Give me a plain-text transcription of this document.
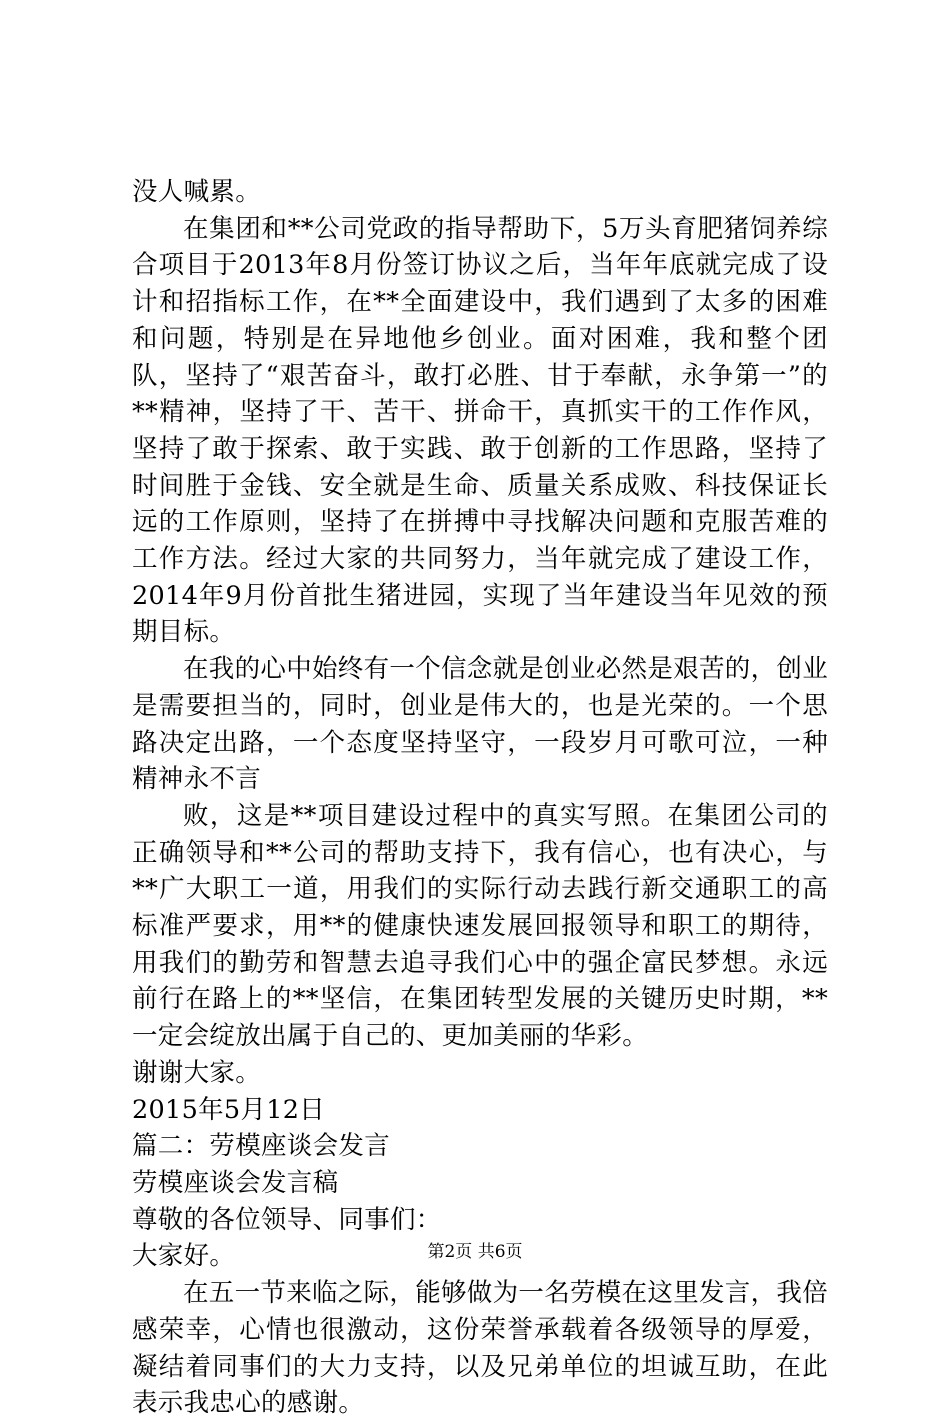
没人喊累。

在集团和**公司党政的指导帮助下，5万头育肥猪饲养综合项目于2013年8月份签订协议之后，当年年底就完成了设计和招指标工作，在**全面建设中，我们遇到了太多的困难和问题，特别是在异地他乡创业。面对困难，我和整个团队，坚持了“艰苦奋斗，敢打必胜、甘于奉献，永争第一”的**精神，坚持了干、苦干、拼命干，真抓实干的工作作风，坚持了敢于探索、敢于实践、敢于创新的工作思路，坚持了时间胜于金钱、安全就是生命、质量关系成败、科技保证长远的工作原则，坚持了在拼搏中寻找解决问题和克服苦难的工作方法。经过大家的共同努力，当年就完成了建设工作，2014年9月份首批生猪进园，实现了当年建设当年见效的预期目标。

在我的心中始终有一个信念就是创业必然是艰苦的，创业是需要担当的，同时，创业是伟大的，也是光荣的。一个思路决定出路，一个态度坚持坚守，一段岁月可歌可泣，一种精神永不言

败，这是**项目建设过程中的真实写照。在集团公司的正确领导和**公司的帮助支持下，我有信心，也有决心，与**广大职工一道，用我们的实际行动去践行新交通职工的高标准严要求，用**的健康快速发展回报领导和职工的期待，用我们的勤劳和智慧去追寻我们心中的强企富民梦想。永远前行在路上的**坚信，在集团转型发展的关键历史时期，**一定会绽放出属于自己的、更加美丽的华彩。

谢谢大家。

2015年5月12日

篇二：劳模座谈会发言

劳模座谈会发言稿

尊敬的各位领导、同事们：

大家好。

在五一节来临之际，能够做为一名劳模在这里发言，我倍感荣幸，心情也很激动，这份荣誉承载着各级领导的厚爱，凝结着同事们的大力支持，以及兄弟单位的坦诚互助，在此表示我忠心的感谢。

第2页 共6页
